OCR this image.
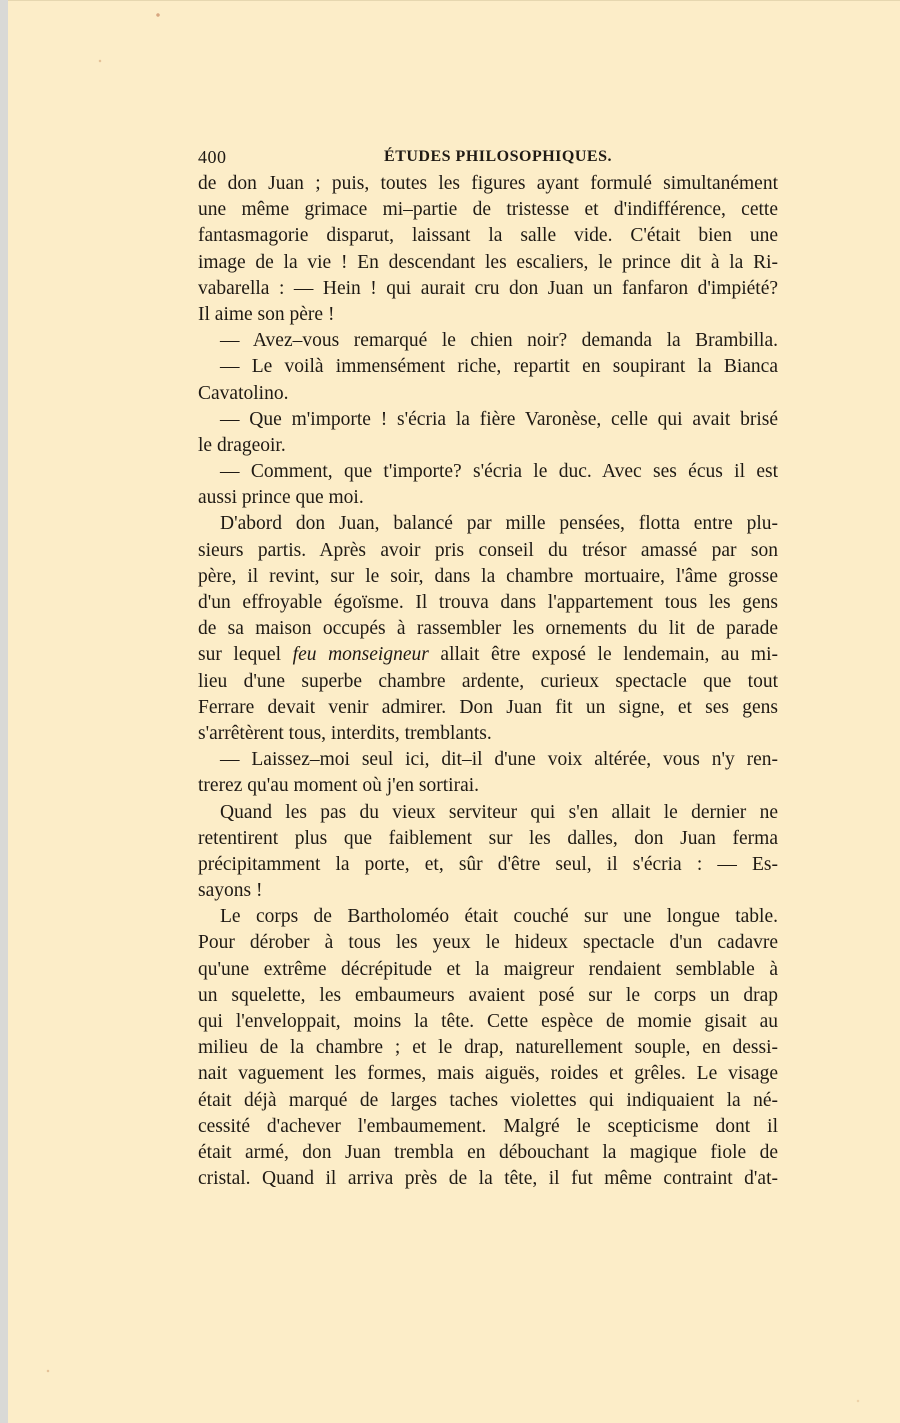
400	ÉTUDES PHILOSOPHIQUES.
de don Juan ; puis, toutes les figures ayant formulé simultanément
une même grimace mi–partie de tristesse et d'indifférence, cette
fantasmagorie disparut, laissant la salle vide. C'était bien une
image de la vie ! En descendant les escaliers, le prince dit à la Ri-
vabarella : — Hein ! qui aurait cru don Juan un fanfaron d'impiété?
Il aime son père !
— Avez–vous remarqué le chien noir? demanda la Brambilla.
— Le voilà immensément riche, repartit en soupirant la Bianca
Cavatolino.
— Que m'importe ! s'écria la fière Varonèse, celle qui avait brisé
le drageoir.
— Comment, que t'importe? s'écria le duc. Avec ses écus il est
aussi prince que moi.
D'abord don Juan, balancé par mille pensées, flotta entre plu-
sieurs partis. Après avoir pris conseil du trésor amassé par son
père, il revint, sur le soir, dans la chambre mortuaire, l'âme grosse
d'un effroyable égoïsme. Il trouva dans l'appartement tous les gens
de sa maison occupés à rassembler les ornements du lit de parade
sur lequel feu monseigneur allait être exposé le lendemain, au mi-
lieu d'une superbe chambre ardente, curieux spectacle que tout
Ferrare devait venir admirer. Don Juan fit un signe, et ses gens
s'arrêtèrent tous, interdits, tremblants.
— Laissez–moi seul ici, dit–il d'une voix altérée, vous n'y ren-
trerez qu'au moment où j'en sortirai.
Quand les pas du vieux serviteur qui s'en allait le dernier ne
retentirent plus que faiblement sur les dalles, don Juan ferma
précipitamment la porte, et, sûr d'être seul, il s'écria : — Es-
sayons !
Le corps de Bartholoméo était couché sur une longue table.
Pour dérober à tous les yeux le hideux spectacle d'un cadavre
qu'une extrême décrépitude et la maigreur rendaient semblable à
un squelette, les embaumeurs avaient posé sur le corps un drap
qui l'enveloppait, moins la tête. Cette espèce de momie gisait au
milieu de la chambre ; et le drap, naturellement souple, en dessi-
nait vaguement les formes, mais aiguës, roides et grêles. Le visage
était déjà marqué de larges taches violettes qui indiquaient la né-
cessité d'achever l'embaumement. Malgré le scepticisme dont il
était armé, don Juan trembla en débouchant la magique fiole de
cristal. Quand il arriva près de la tête, il fut même contraint d'at-
